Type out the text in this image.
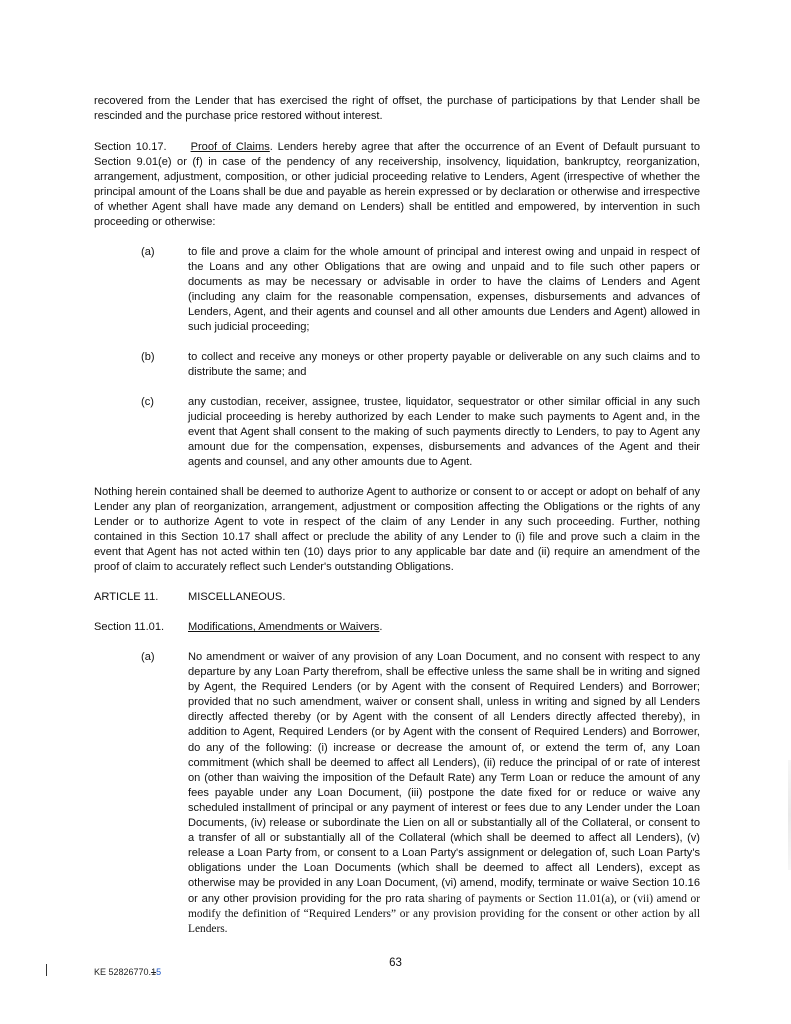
recovered from the Lender that has exercised the right of offset, the purchase of participations by that Lender shall be rescinded and the purchase price restored without interest.

Section 10.17. Proof of Claims. Lenders hereby agree that after the occurrence of an Event of Default pursuant to Section 9.01(e) or (f) in case of the pendency of any receivership, insolvency, liquidation, bankruptcy, reorganization, arrangement, adjustment, composition, or other judicial proceeding relative to Lenders, Agent (irrespective of whether the principal amount of the Loans shall be due and payable as herein expressed or by declaration or otherwise and irrespective of whether Agent shall have made any demand on Lenders) shall be entitled and empowered, by intervention in such proceeding or otherwise:

(a)	to file and prove a claim for the whole amount of principal and interest owing and unpaid in respect of the Loans and any other Obligations that are owing and unpaid and to file such other papers or documents as may be necessary or advisable in order to have the claims of Lenders and Agent (including any claim for the reasonable compensation, expenses, disbursements and advances of Lenders, Agent, and their agents and counsel and all other amounts due Lenders and Agent) allowed in such judicial proceeding;

(b)	to collect and receive any moneys or other property payable or deliverable on any such claims and to distribute the same; and

(c)	any custodian, receiver, assignee, trustee, liquidator, sequestrator or other similar official in any such judicial proceeding is hereby authorized by each Lender to make such payments to Agent and, in the event that Agent shall consent to the making of such payments directly to Lenders, to pay to Agent any amount due for the compensation, expenses, disbursements and advances of the Agent and their agents and counsel, and any other amounts due to Agent.

Nothing herein contained shall be deemed to authorize Agent to authorize or consent to or accept or adopt on behalf of any Lender any plan of reorganization, arrangement, adjustment or composition affecting the Obligations or the rights of any Lender or to authorize Agent to vote in respect of the claim of any Lender in any such proceeding. Further, nothing contained in this Section 10.17 shall affect or preclude the ability of any Lender to (i) file and prove such a claim in the event that Agent has not acted within ten (10) days prior to any applicable bar date and (ii) require an amendment of the proof of claim to accurately reflect such Lender's outstanding Obligations.

ARTICLE 11.	MISCELLANEOUS.
Section 11.01. Modifications, Amendments or Waivers.
(a)	No amendment or waiver of any provision of any Loan Document, and no consent with respect to any departure by any Loan Party therefrom, shall be effective unless the same shall be in writing and signed by Agent, the Required Lenders (or by Agent with the consent of Required Lenders) and Borrower; provided that no such amendment, waiver or consent shall, unless in writing and signed by all Lenders directly affected thereby (or by Agent with the consent of all Lenders directly affected thereby), in addition to Agent, Required Lenders (or by Agent with the consent of Required Lenders) and Borrower, do any of the following: (i) increase or decrease the amount of, or extend the term of, any Loan commitment (which shall be deemed to affect all Lenders), (ii) reduce the principal of or rate of interest on (other than waiving the imposition of the Default Rate) any Term Loan or reduce the amount of any fees payable under any Loan Document, (iii) postpone the date fixed for or reduce or waive any scheduled installment of principal or any payment of interest or fees due to any Lender under the Loan Documents, (iv) release or subordinate the Lien on all or substantially all of the Collateral, or consent to a transfer of all or substantially all of the Collateral (which shall be deemed to affect all Lenders), (v) release a Loan Party from, or consent to a Loan Party's assignment or delegation of, such Loan Party's obligations under the Loan Documents (which shall be deemed to affect all Lenders), except as otherwise may be provided in any Loan Document, (vi) amend, modify, terminate or waive Section 10.16 or any other provision providing for the pro rata sharing of payments or Section 11.01(a), or (vii) amend or modify the definition of “Required Lenders” or any provision providing for the consent or other action by all Lenders.

63
KE 52826770.15
